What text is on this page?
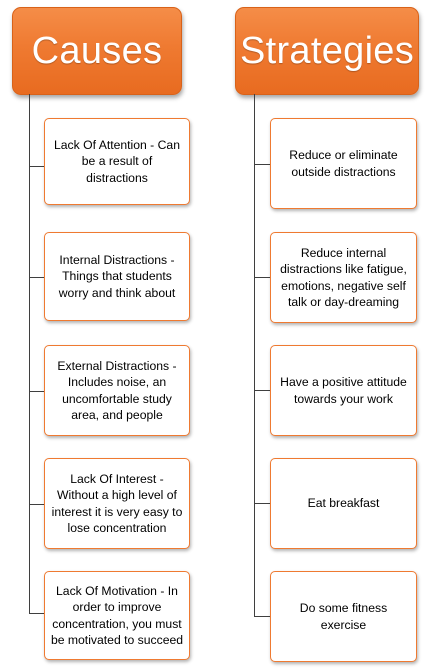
Causes
Lack Of Attention - Can be a result of distractions
Internal Distractions - Things that students worry and think about
External Distractions - Includes noise, an uncomfortable study area, and people
Lack Of Interest - Without a high level of interest it is very easy to lose concentration
Lack Of Motivation - In order to improve concentration, you must be motivated to succeed
Strategies
Reduce or eliminate outside distractions
Reduce internal distractions like fatigue, emotions, negative self talk or day-dreaming
Have a positive attitude towards your work
Eat breakfast
Do some fitness exercise
